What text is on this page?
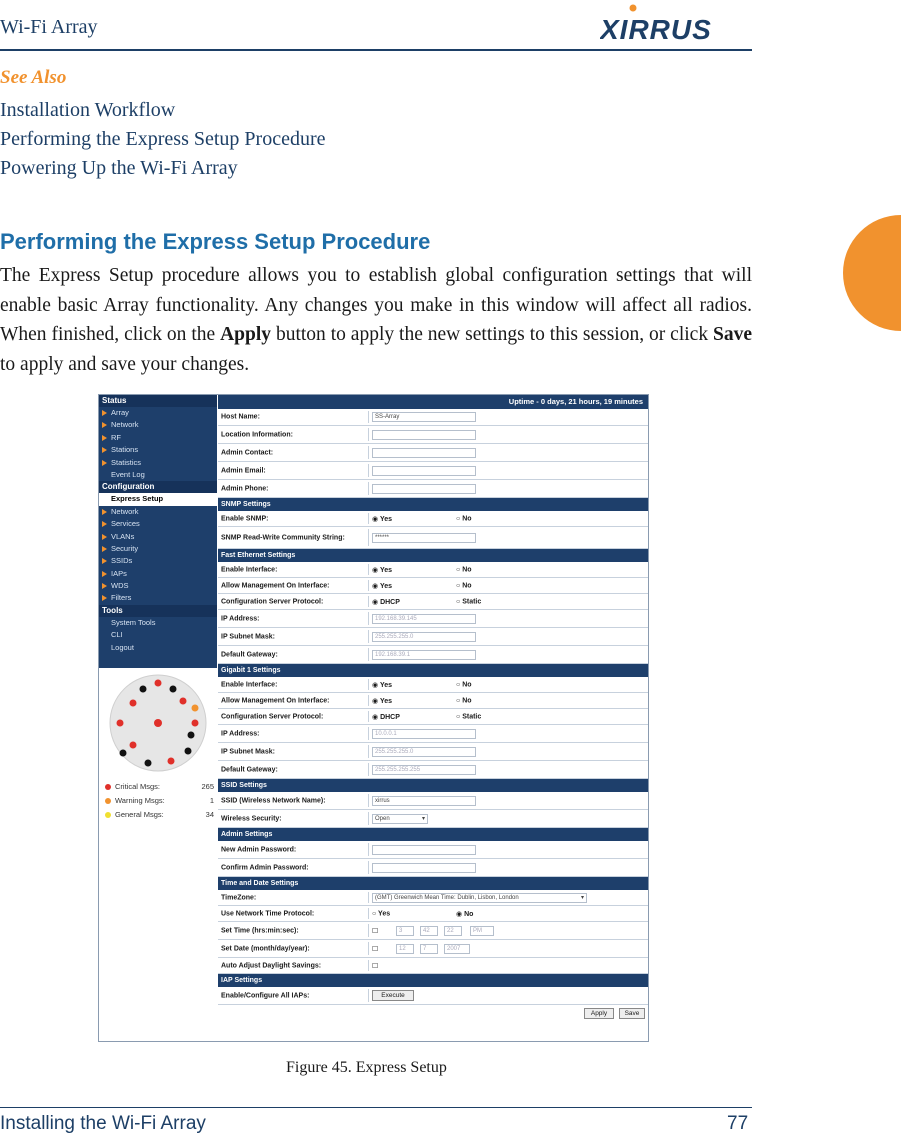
Wi-Fi Array	XIRRUS
See Also
Installation Workflow
Performing the Express Setup Procedure
Powering Up the Wi-Fi Array
Performing the Express Setup Procedure
The Express Setup procedure allows you to establish global configuration settings that will enable basic Array functionality. Any changes you make in this window will affect all radios. When finished, click on the Apply button to apply the new settings to this session, or click Save to apply and save your changes.
Status
Array
Network
RF
Stations
Statistics
Event Log
Configuration
Express Setup
Network
Services
VLANs
Security
SSIDs
IAPs
WDS
Filters
Tools
System Tools
CLI
Logout
Critical Msgs:	265
Warning Msgs:	1
General Msgs:	34
Uptime - 0 days, 21 hours, 19 minutes
Host Name:	SS-Array
Location Information:
Admin Contact:
Admin Email:
Admin Phone:
SNMP Settings
Enable SNMP:	◉ Yes	○ No
SNMP Read-Write Community String:	******
Fast Ethernet Settings
Enable Interface:	◉ Yes	○ No
Allow Management On Interface:	◉ Yes	○ No
Configuration Server Protocol:	◉ DHCP	○ Static
IP Address:	192.168.39.145
IP Subnet Mask:	255.255.255.0
Default Gateway:	192.168.39.1
Gigabit 1 Settings
Enable Interface:	◉ Yes	○ No
Allow Management On Interface:	◉ Yes	○ No
Configuration Server Protocol:	◉ DHCP	○ Static
IP Address:	10.0.0.1
IP Subnet Mask:	255.255.255.0
Default Gateway:	255.255.255.255
SSID Settings
SSID (Wireless Network Name):	xirrus
Wireless Security:	Open	▾
Admin Settings
New Admin Password:
Confirm Admin Password:
Time and Date Settings
TimeZone:	(GMT) Greenwich Mean Time: Dublin, Lisbon, London	▾
Use Network Time Protocol:	○ Yes	◉ No
Set Time (hrs:min:sec):	☐	3	42	22	PM
Set Date (month/day/year):	☐	12	7	2007
Auto Adjust Daylight Savings:	☐
IAP Settings
Enable/Configure All IAPs:	Execute
Apply	Save
Figure 45. Express Setup
Installing the Wi-Fi Array	77
